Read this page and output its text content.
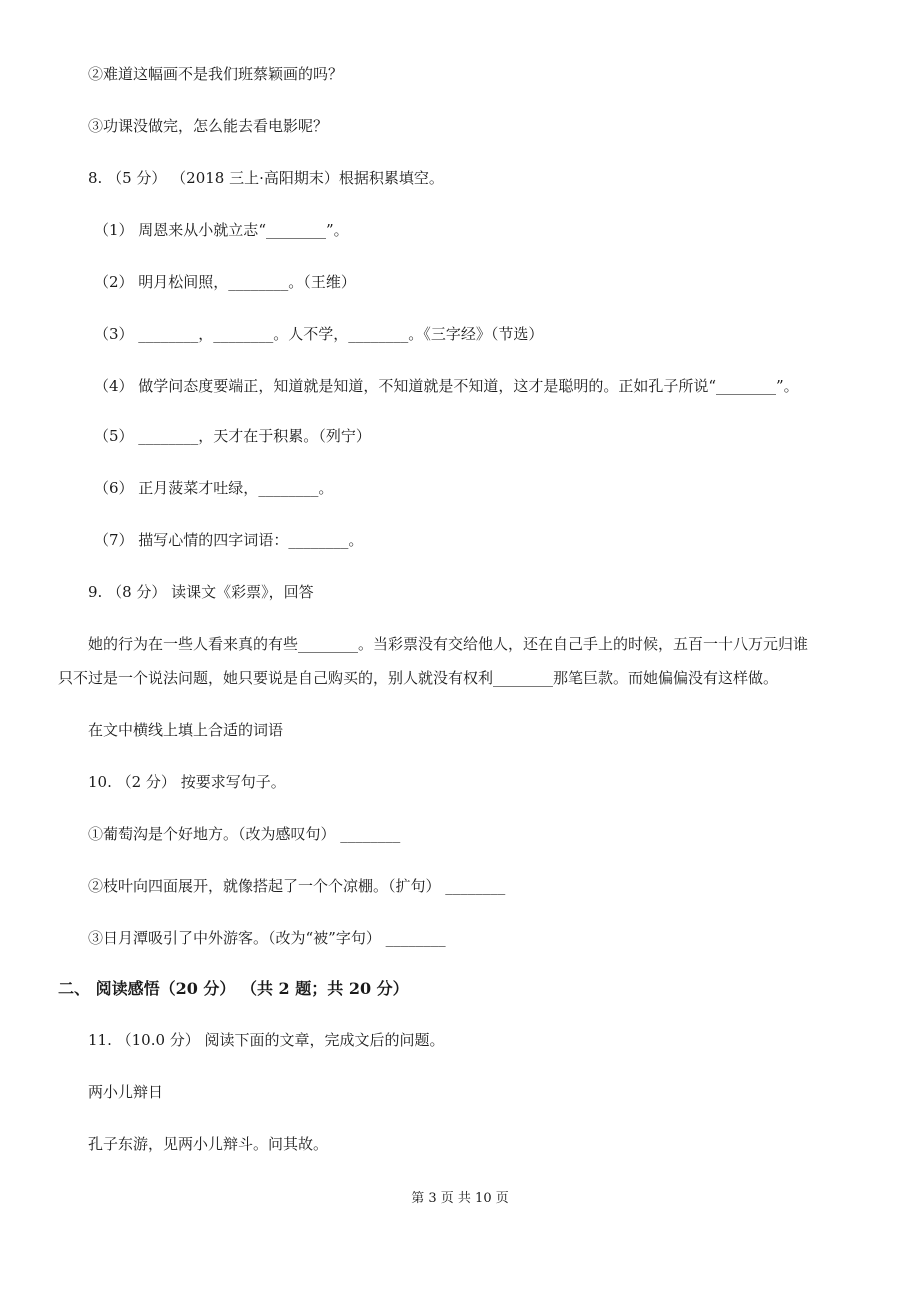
②难道这幅画不是我们班蔡颖画的吗？
③功课没做完，怎么能去看电影呢？
8. （5 分） （2018 三上·高阳期末）根据积累填空。
（1） 周恩来从小就立志“________”。
（2） 明月松间照，________。（王维）
（3） ________，________。人不学，________。《三字经》（节选）
（4） 做学问态度要端正，知道就是知道，不知道就是不知道，这才是聪明的。正如孔子所说“________”。
（5） ________，天才在于积累。（列宁）
（6） 正月菠菜才吐绿，________。
（7） 描写心情的四字词语：________。
9. （8 分） 读课文《彩票》，回答
她的行为在一些人看来真的有些________。当彩票没有交给他人，还在自己手上的时候，五百一十八万元归谁
只不过是一个说法问题，她只要说是自己购买的，别人就没有权利________那笔巨款。而她偏偏没有这样做。
在文中横线上填上合适的词语
10. （2 分） 按要求写句子。
①葡萄沟是个好地方。（改为感叹句） ________
②枝叶向四面展开，就像搭起了一个个凉棚。（扩句） ________
③日月潭吸引了中外游客。（改为“被”字句） ________
二、 阅读感悟（20 分） （共 2 题；共 20 分）
11. （10.0 分） 阅读下面的文章，完成文后的问题。
两小儿辩日
孔子东游，见两小儿辩斗。问其故。
第 3 页 共 10 页
